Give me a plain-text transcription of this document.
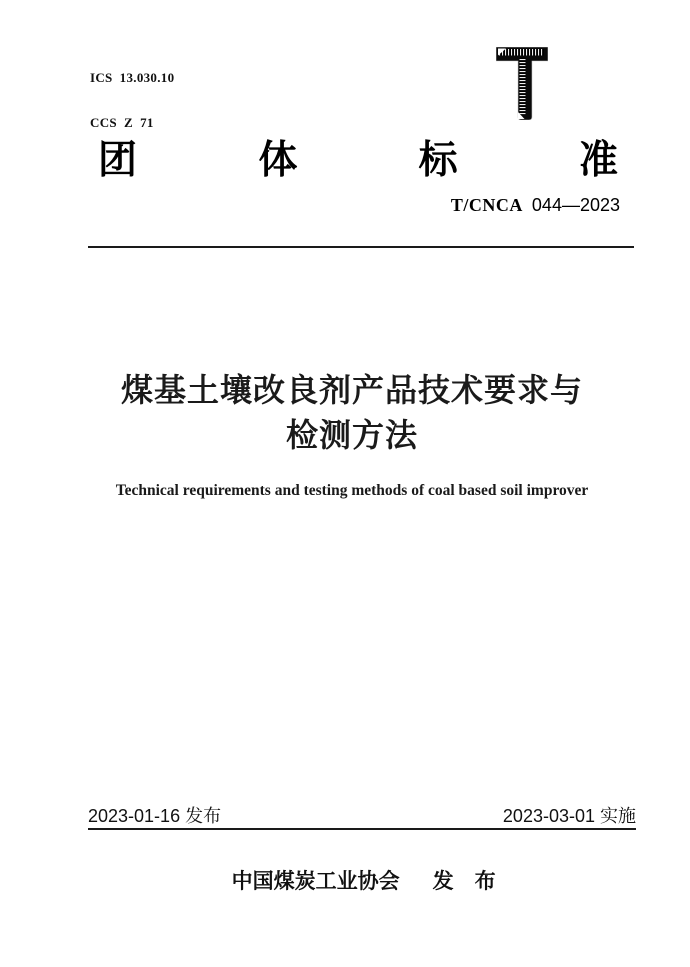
ICS  13.030.10

CCS  Z  71

团	体	标	准
T/CNCA 044—2023
煤基土壤改良剂产品技术要求与
检测方法
Technical requirements and testing methods of coal based soil improver
2023-01-16 发布	2023-03-01 实施

中国煤炭工业协会 发　布
